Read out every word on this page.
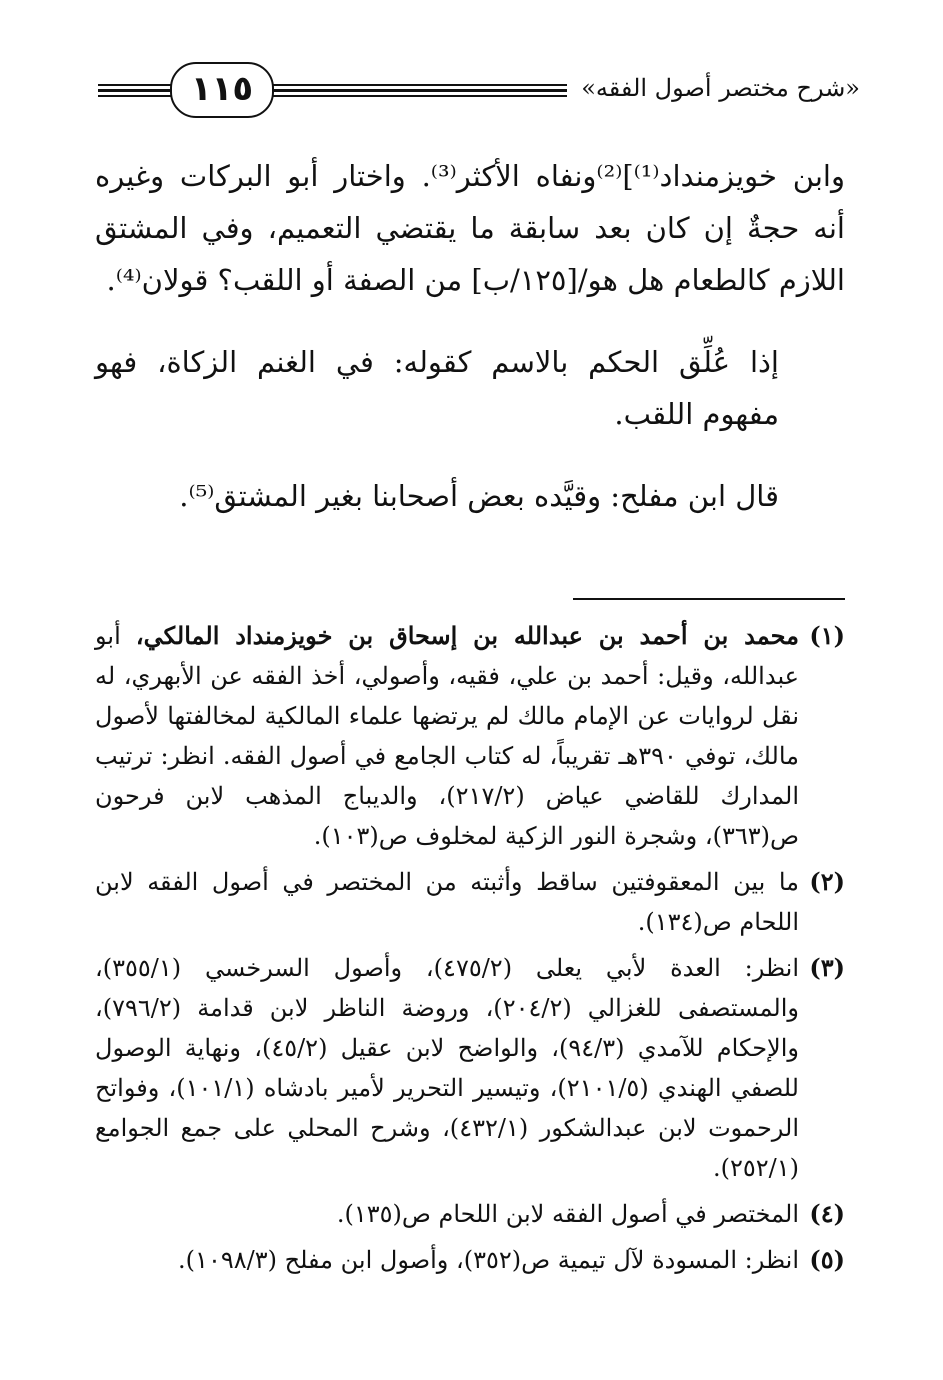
«شرح مختصر أصول الفقه»
١١٥

وابن خويزمنداد⁽¹⁾]⁽²⁾ونفاه الأكثر⁽³⁾. واختار أبو البركات وغيره أنه حجةٌ إن كان بعد سابقة ما يقتضي التعميم، وفي المشتق اللازم كالطعام هل هو/[١٢٥/ب] من الصفة أو اللقب؟ قولان⁽⁴⁾.

إذا عُلِّق الحكم بالاسم كقوله: في الغنم الزكاة، فهو مفهوم اللقب.

قال ابن مفلح: وقيَّده بعض أصحابنا بغير المشتق⁽⁵⁾.

(١)
محمد بن أحمد بن عبدالله بن إسحاق بن خويزمنداد المالكي، أبو عبدالله، وقيل: أحمد بن علي، فقيه، وأصولي، أخذ الفقه عن الأبهري، له نقل لروايات عن الإمام مالك لم يرتضها علماء المالكية لمخالفتها لأصول مالك، توفي ٣٩٠هـ تقريباً، له كتاب الجامع في أصول الفقه. انظر: ترتيب المدارك للقاضي عياض (٢١٧/٢)، والديباج المذهب لابن فرحون ص(٣٦٣)، وشجرة النور الزكية لمخلوف ص(١٠٣).
(٢)
ما بين المعقوفتين ساقط وأثبته من المختصر في أصول الفقه لابن اللحام ص(١٣٤).
(٣)
انظر: العدة لأبي يعلى (٤٧٥/٢)، وأصول السرخسي (٣٥٥/١)، والمستصفى للغزالي (٢٠٤/٢)، وروضة الناظر لابن قدامة (٧٩٦/٢)، والإحكام للآمدي (٩٤/٣)، والواضح لابن عقيل (٤٥/٢)، ونهاية الوصول للصفي الهندي (٢١٠١/٥)، وتيسير التحرير لأمير بادشاه (١٠١/١)، وفواتح الرحموت لابن عبدالشكور (٤٣٢/١)، وشرح المحلي على جمع الجوامع (٢٥٢/١).
(٤)
المختصر في أصول الفقه لابن اللحام ص(١٣٥).
(٥)
انظر: المسودة لآل تيمية ص(٣٥٢)، وأصول ابن مفلح (١٠٩٨/٣).
